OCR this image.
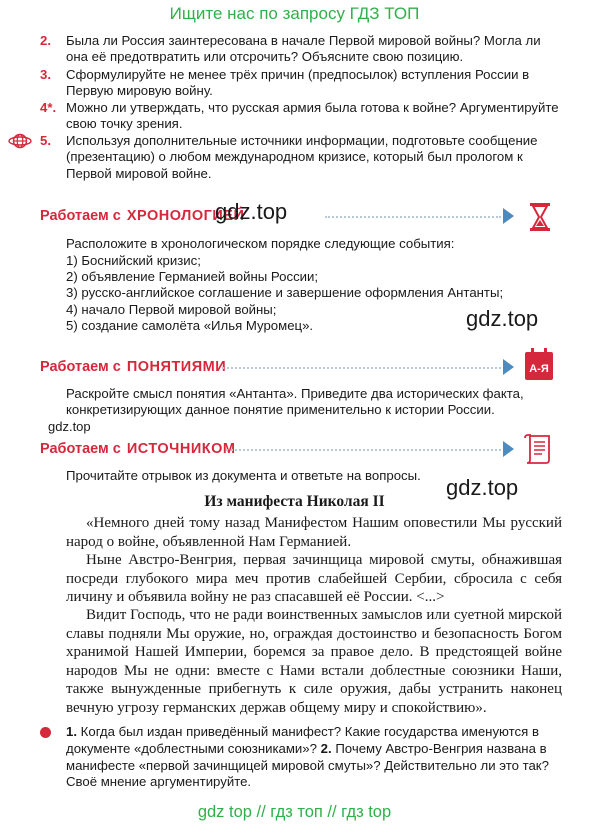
Ищите нас по запросу ГДЗ ТОП
2.	Была ли Россия заинтересована в начале Первой мировой войны? Могла ли она её предотвратить или отсрочить? Объясните свою позицию.
3.	Сформулируйте не менее трёх причин (предпосылок) вступления России в Первую мировую войну.
4*. Можно ли утверждать, что русская армия была готова к войне? Аргументируйте свою точку зрения.
5.	Используя дополнительные источники информации, подготовьте сообщение (презентацию) о любом международном кризисе, который был прологом к Первой мировой войне.
Работаем с ХРОНОЛОГИЕЙ
gdz.top
Расположите в хронологическом порядке следующие события:
1) Боснийский кризис;
2) объявление Германией войны России;
3) русско-английское соглашение и завершение оформления Антанты;
4) начало Первой мировой войны;
5) создание самолёта «Илья Муромец».	gdz.top
Работаем с ПОНЯТИЯМИ	А-Я
Раскройте смысл понятия «Антанта». Приведите два исторических факта, конкретизирующих данное понятие применительно к истории России.
gdz.top
Работаем с ИСТОЧНИКОМ
Прочитайте отрывок из документа и ответьте на вопросы.	gdz.top
Из манифеста Николая II
«Немного дней тому назад Манифестом Нашим оповестили Мы русский народ о войне, объявленной Нам Германией.
Ныне Австро-Венгрия, первая зачинщица мировой смуты, обнажившая посреди глубокого мира меч против слабейшей Сербии, сбросила с себя личину и объявила войну не раз спасавшей её России. <...>
Видит Господь, что не ради воинственных замыслов или суетной мирской славы подняли Мы оружие, но, ограждая достоинство и безопасность Богом хранимой Нашей Империи, боремся за правое дело. В предстоящей войне народов Мы не одни: вместе с Нами встали доблестные союзники Наши, также вынужденные прибегнуть к силе оружия, дабы устранить наконец вечную угрозу германских держав общему миру и спокойствию».
1. Когда был издан приведённый манифест? Какие государства именуются в документе «доблестными союзниками»? 2. Почему Австро-Венгрия названа в манифесте «первой зачинщицей мировой смуты»? Действительно ли это так? Своё мнение аргументируйте.
gdz top // гдз топ // гдз top
